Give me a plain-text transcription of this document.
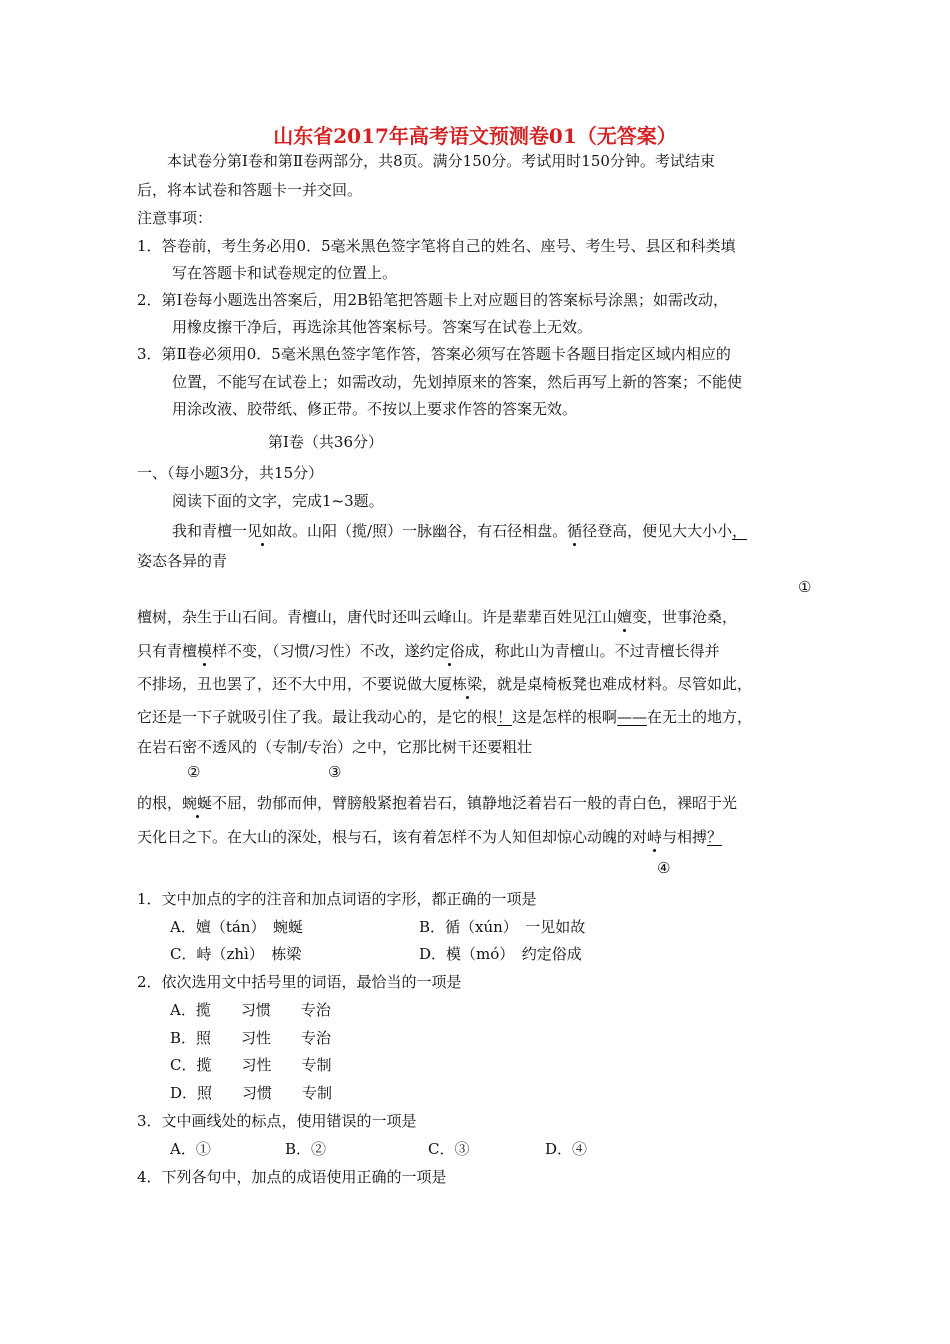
山东省2017年高考语文预测卷01（无答案）
本试卷分第Ⅰ卷和第Ⅱ卷两部分，共8页。满分150分。考试用时150分钟。考试结束
后，将本试卷和答题卡一并交回。
注意事项：
1．答卷前，考生务必用0．5毫米黑色签字笔将自己的姓名、座号、考生号、县区和科类填
写在答题卡和试卷规定的位置上。
2．第Ⅰ卷每小题选出答案后，用2B铅笔把答题卡上对应题目的答案标号涂黑；如需改动，
用橡皮擦干净后，再选涂其他答案标号。答案写在试卷上无效。
3．第Ⅱ卷必须用0．5毫米黑色签字笔作答，答案必须写在答题卡各题目指定区域内相应的
位置，不能写在试卷上；如需改动，先划掉原来的答案，然后再写上新的答案；不能使
用涂改液、胶带纸、修正带。不按以上要求作答的答案无效。
第Ⅰ卷（共36分）
一、（每小题3分，共15分）
阅读下面的文字，完成1~3题。
我和青檀一见如故。山阳（揽/照）一脉幽谷，有石径相盘。循径登高，便见大大小小，
姿态各异的青
①
檀树，杂生于山石间。青檀山，唐代时还叫云峰山。许是辈辈百姓见江山嬗变，世事沧桑，
只有青檀模样不变，（习惯/习性）不改，遂约定俗成，称此山为青檀山。不过青檀长得并
不排场，丑也罢了，还不大中用，不要说做大厦栋梁，就是桌椅板凳也难成材料。尽管如此，
它还是一下子就吸引住了我。最让我动心的，是它的根！这是怎样的根啊——在无土的地方，
在岩石密不透风的（专制/专治）之中，它那比树干还要粗壮
②	③
的根，蜿蜒不屈，勃郁而伸，臂膀般紧抱着岩石，镇静地泛着岩石一般的青白色，裸昭于光
天化日之下。在大山的深处，根与石，该有着怎样不为人知但却惊心动魄的对峙与相搏？
④
1．文中加点的字的注音和加点词语的字形，都正确的一项是
A．嬗（tán）　蜿蜒	B．循（xún）　一见如故
C．峙（zhì）　栋梁	D．模（mó）　约定俗成
2．依次选用文中括号里的词语，最恰当的一项是
A．揽　　习惯　　专治
B．照　　习性　　专治
C．揽　　习性　　专制
D．照　　习惯　　专制
3．文中画线处的标点，使用错误的一项是
A．①	B．②	C．③	D．④
4．下列各句中，加点的成语使用正确的一项是
